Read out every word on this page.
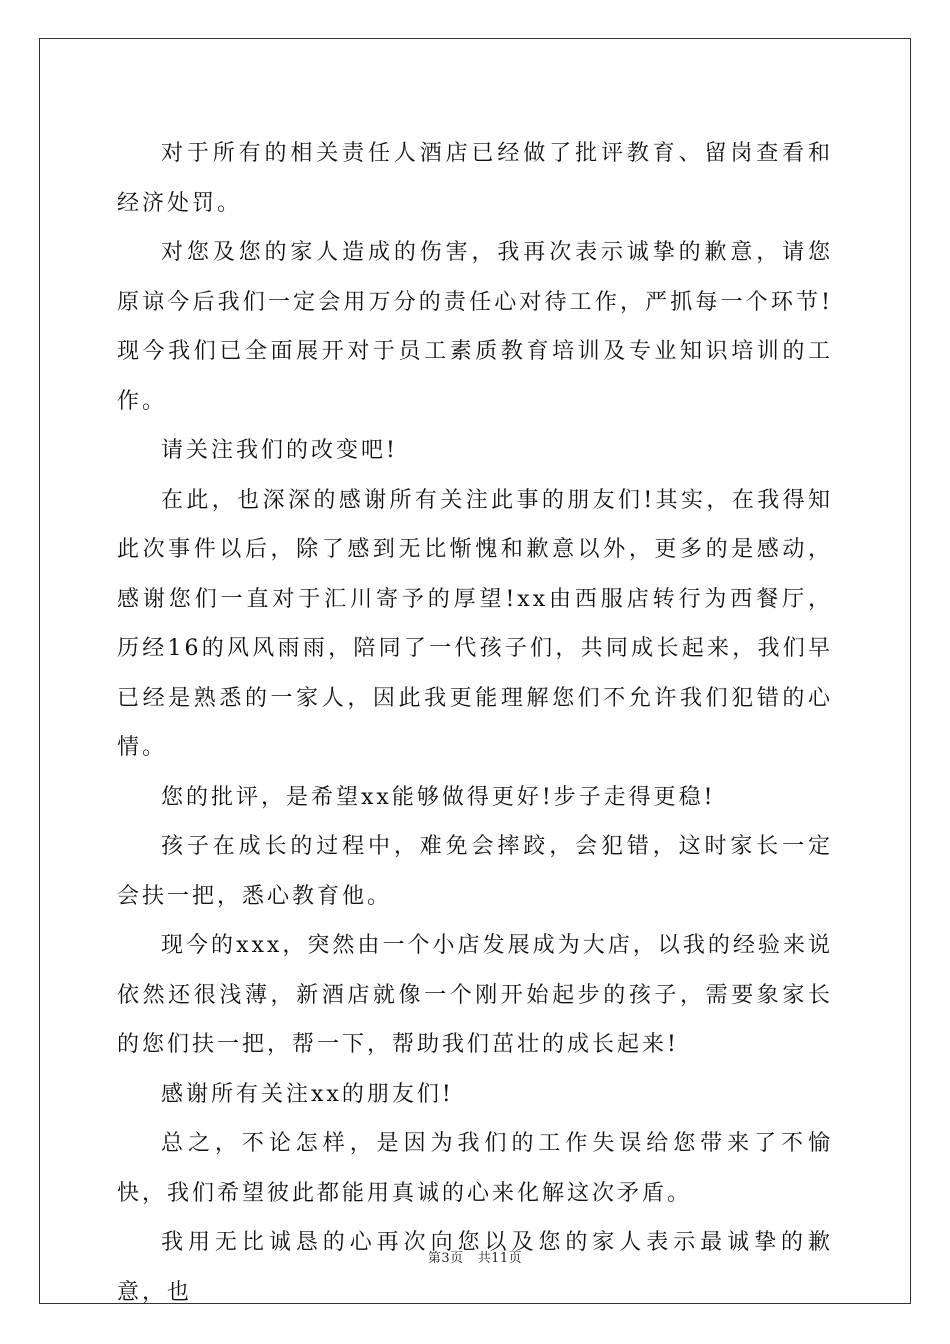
对于所有的相关责任人酒店已经做了批评教育、留岗查看和经济处罚。

对您及您的家人造成的伤害，我再次表示诚挚的歉意，请您原谅今后我们一定会用万分的责任心对待工作，严抓每一个环节!现今我们已全面展开对于员工素质教育培训及专业知识培训的工作。

请关注我们的改变吧!

在此，也深深的感谢所有关注此事的朋友们!其实，在我得知此次事件以后，除了感到无比惭愧和歉意以外，更多的是感动，感谢您们一直对于汇川寄予的厚望!xx由西服店转行为西餐厅，历经16的风风雨雨，陪同了一代孩子们，共同成长起来，我们早已经是熟悉的一家人，因此我更能理解您们不允许我们犯错的心情。

您的批评，是希望xx能够做得更好!步子走得更稳!

孩子在成长的过程中，难免会摔跤，会犯错，这时家长一定会扶一把，悉心教育他。

现今的xxx，突然由一个小店发展成为大店，以我的经验来说依然还很浅薄，新酒店就像一个刚开始起步的孩子，需要象家长的您们扶一把，帮一下，帮助我们茁壮的成长起来!

感谢所有关注xx的朋友们!

总之，不论怎样，是因为我们的工作失误给您带来了不愉快，我们希望彼此都能用真诚的心来化解这次矛盾。

我用无比诚恳的心再次向您以及您的家人表示最诚挚的歉意，也

第3页 共11页
